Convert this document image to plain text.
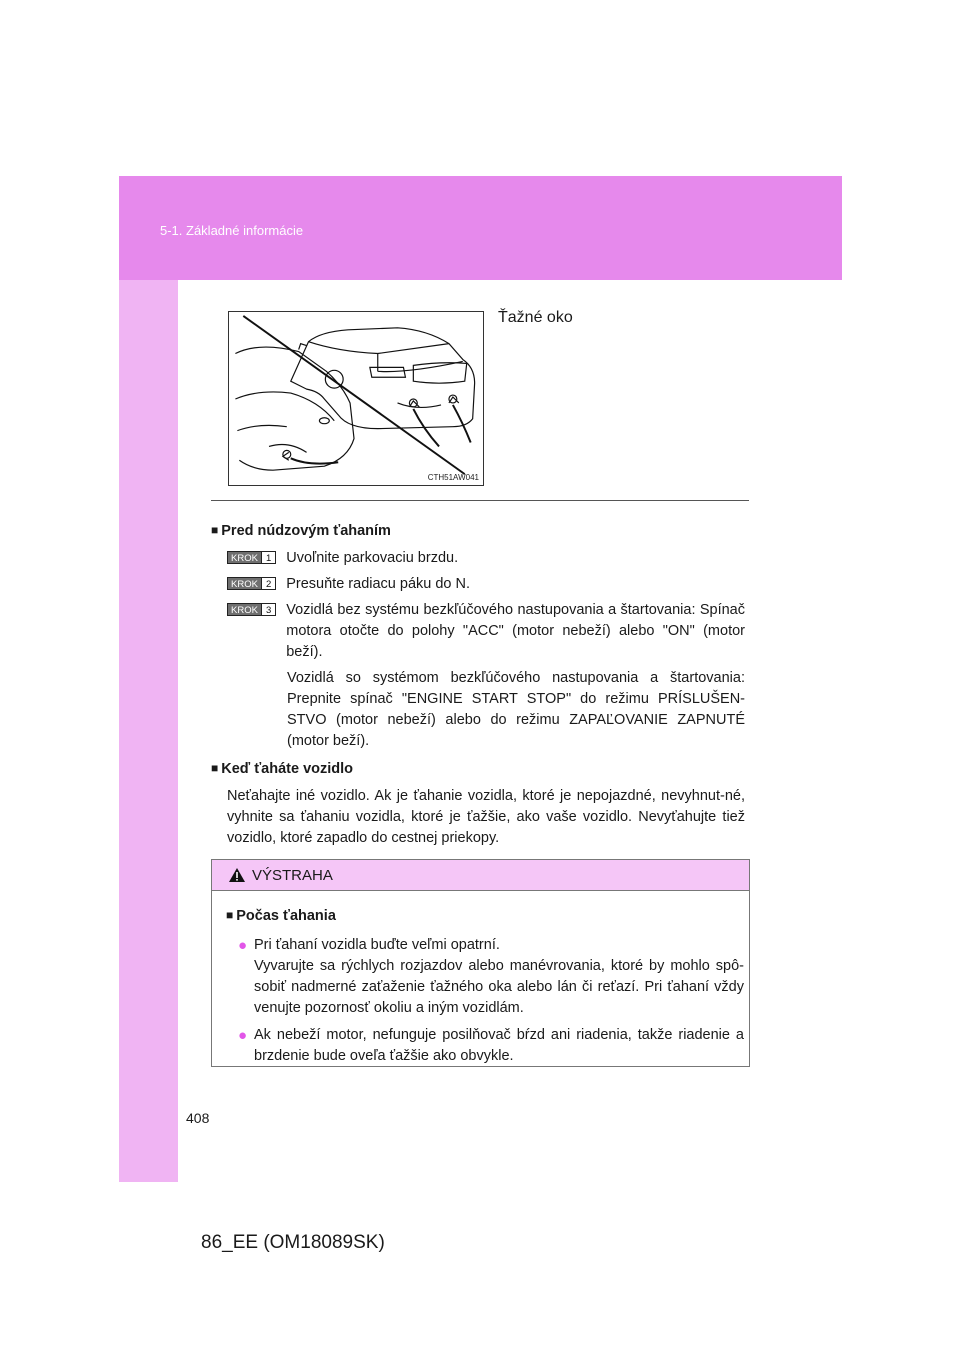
5-1. Základné informácie
CTH51AW041
Ťažné oko
■ Pred núdzovým ťahaním
KROK 1 Uvoľnite parkovaciu brzdu.
KROK 2 Presuňte radiacu páku do N.
KROK 3 Vozidlá bez systému bezkľúčového nastupovania a štartovania: Spínač motora otočte do polohy "ACC" (motor nebeží) alebo "ON" (motor beží).
Vozidlá so systémom bezkľúčového nastupovania a štartovania: Prepnite spínač "ENGINE START STOP" do režimu PRÍSLUŠEN-STVO (motor nebeží) alebo do režimu ZAPAĽOVANIE ZAPNUTÉ (motor beží).
■ Keď ťaháte vozidlo
Neťahajte iné vozidlo. Ak je ťahanie vozidla, ktoré je nepojazdné, nevyhnut-né, vyhnite sa ťahaniu vozidla, ktoré je ťažšie, ako vaše vozidlo. Nevyťahujte tiež vozidlo, ktoré zapadlo do cestnej priekopy.
VÝSTRAHA
■ Počas ťahania
● Pri ťahaní vozidla buďte veľmi opatrní.
Vyvarujte sa rýchlych rozjazdov alebo manévrovania, ktoré by mohlo spô-sobiť nadmerné zaťaženie ťažného oka alebo lán či reťazí. Pri ťahaní vždy venujte pozornosť okoliu a iným vozidlám.
● Ak nebeží motor, nefunguje posilňovač bŕzd ani riadenia, takže riadenie a brzdenie bude oveľa ťažšie ako obvykle.
408
86_EE (OM18089SK)
